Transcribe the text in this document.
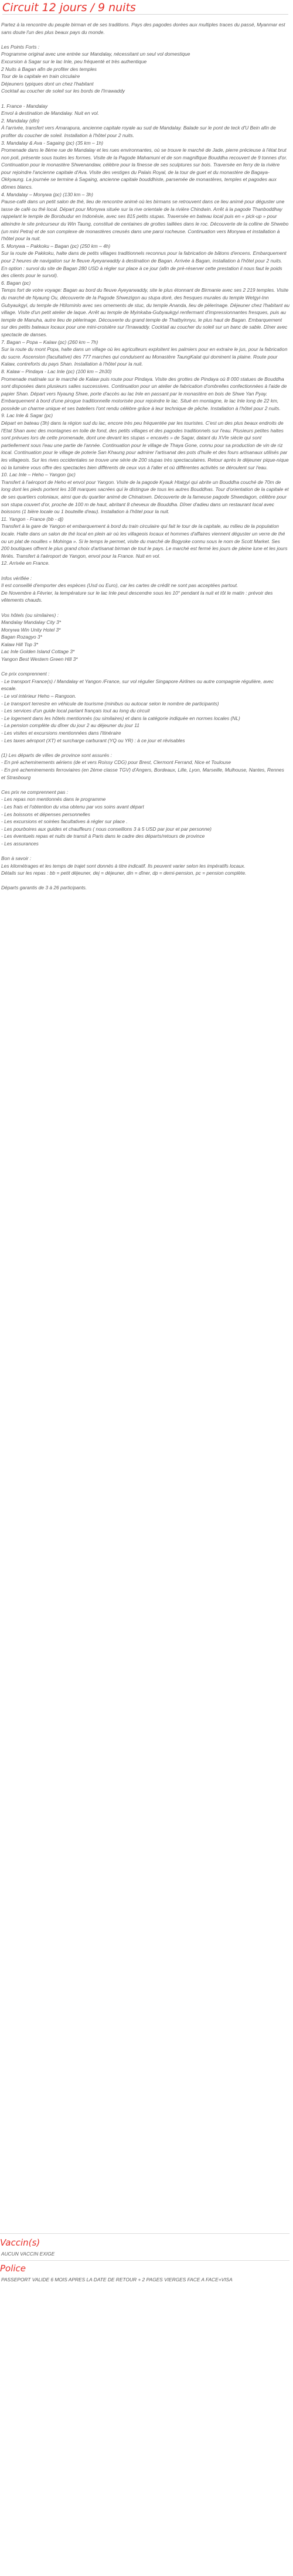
Circuit 12 jours / 9 nuits
Partez à la rencontre du peuple birman et de ses traditions. Pays des pagodes dorées aux multiples traces du passé, Myanmar est sans doute l'un des plus beaux pays du monde.
Les Points Forts :
Programme original avec une entrée sur Mandalay, nécessitant un seul vol domestique
Excursion à Sagar sur le lac Inle, peu fréquenté et très authentique
2 Nuits à Bagan afin de profiter des temples
Tour de la capitale en train circulaire
Déjeuners typiques dont un chez l'habitant
Cocktail au coucher de soleil sur les bords de l'Irrawaddy
1. France - Mandalay
Envol à destination de Mandalay. Nuit en vol.
2. Mandalay (dîn)
À l'arrivée, transfert vers Amarapura, ancienne capitale royale au sud de Mandalay. Balade sur le pont de teck d'U Bein afin de profiter du coucher de soleil. Installation à l'hôtel pour 2 nuits.
3. Mandalay & Ava - Sagaing (pc) (35 km – 1h)
Promenade dans le 8ème rue de Mandalay et les rues environnantes, où se trouve le marché de Jade, pierre précieuse à l'état brut non poli, présente sous toutes les formes. Visite de la Pagode Mahamuni et de son magnifique Bouddha recouvert de 9 tonnes d'or. Continuation pour le monastère Shwenandaw, célèbre pour la finesse de ses sculptures sur bois. Traversée en ferry de la rivière pour rejoindre l'ancienne capitale d'Ava. Visite des vestiges du Palais Royal, de la tour de guet et du monastère de Bagaya-Okkyaung. La journée se termine à Sagaing, ancienne capitale bouddhiste, parsemée de monastères, temples et pagodes aux dômes blancs.
4. Mandalay – Monywa (pc) (130 km – 3h)
Pause-café dans un petit salon de thé, lieu de rencontre animé où les birmans se retrouvent dans ce lieu animé pour déguster une tasse de café ou thé local. Départ pour Monywa située sur la rive orientale de la rivière Chindwin. Arrêt à la pagode Thanboddhay rappelant le temple de Borobudur en Indonésie, avec ses 815 petits stupas. Traversée en bateau local puis en « pick-up » pour atteindre le site précurseur du Win Taung, constitué de centaines de grottes taillées dans le roc. Découverte de la colline de Shwebo (un mini Petra) et de son complexe de monastères creusés dans une paroi rocheuse. Continuation vers Monywa et installation à l'hôtel pour la nuit.
5. Monywa – Pakkoku – Bagan (pc) (250 km – 4h)
Sur la route de Pakkoku, halte dans de petits villages traditionnels reconnus pour la fabrication de bâtons d'encens. Embarquement pour 2 heures de navigation sur le fleuve Ayeyarwaddy à destination de Bagan. Arrivée à Bagan, installation à l'hôtel pour 2 nuits. En option : survol du site de Bagan 280 USD à régler sur place à ce jour (afin de pré-réserver cette prestation il nous faut le poids des clients pour le survol).
6. Bagan (pc)
Temps fort de votre voyage: Bagan au bord du fleuve Ayeyarwaddy, site le plus étonnant de Birmanie avec ses 2 219 temples. Visite du marché de Nyaung Ou, découverte de la Pagode Shwezigon au stupa doré, des fresques murales du temple Wetgyi-Inn Gubyaukgyi, du temple de Htilominlo avec ses ornements de stuc, du temple Ananda, lieu de pèlerinage. Déjeuner chez l'habitant au village. Visite d'un petit atelier de laque. Arrêt au temple de Myinkaba-Gubyaukgyi renfermant d'impressionnantes fresques, puis au temple de Manuha, autre lieu de pèlerinage. Découverte du grand temple de Thatbyinnyu, le plus haut de Bagan. Embarquement sur des petits bateaux locaux pour une mini-croisière sur l'Irrawaddy. Cocktail au coucher du soleil sur un banc de sable. Dîner avec spectacle de danses.
7. Bagan – Popa – Kalaw (pc) (260 km – 7h)
Sur la route du mont Popa, halte dans un village où les agriculteurs exploitent les palmiers pour en extraire le jus, pour la fabrication du sucre. Ascension (facultative) des 777 marches qui conduisent au Monastère TaungKalat qui dominent la plaine. Route pour Kalaw, contreforts du pays Shan. Installation à l'hôtel pour la nuit.
8. Kalaw – Pindaya - Lac Inle (pc) (100 km – 2h30)
Promenade matinale sur le marché de Kalaw puis route pour Pindaya. Visite des grottes de Pindaya où 8 000 statues de Bouddha sont disposées dans plusieurs salles successives. Continuation pour un atelier de fabrication d'ombrelles confectionnées à l'aide de papier Shan. Départ vers Nyaung Shwe, porte d'accès au lac Inle en passant par le monastère en bois de Shwe Yan Pyay. Embarquement à bord d'une pirogue traditionnelle motorisée pour rejoindre le lac. Situé en montagne, le lac Inle long de 22 km, possède un charme unique et ses bateliers l'ont rendu célèbre grâce à leur technique de pêche. Installation à l'hôtel pour 2 nuits.
9. Lac Inle & Sagar (pc)
Départ en bateau (3h) dans la région sud du lac, encore très peu fréquentée par les touristes. C'est un des plus beaux endroits de l'Etat Shan avec des montagnes en toile de fond, des petits villages et des pagodes traditionnels sur l'eau. Plusieurs petites haltes sont prévues lors de cette promenade, dont une devant les stupas « encavés » de Sagar, datant du XVIe siècle qui sont partiellement sous l'eau une partie de l'année. Continuation pour le village de Thaya Gone, connu pour sa production de vin de riz local. Continuation pour le village de poterie San Khaung pour admirer l'artisanat des pots d'huile et des fours artisanaux utilisés par les villageois. Sur les rives occidentales se trouve une série de 200 stupas très spectaculaires. Retour après le déjeuner pique-nique où la lumière vous offre des spectacles bien différents de ceux vus à l'aller et où différentes activités se déroulent sur l'eau.
10. Lac Inle – Heho – Yangon (pc)
Transfert à l'aéroport de Heho et envol pour Yangon. Visite de la pagode Kyauk Htatgyi qui abrite un Bouddha couché de 70m de long dont les pieds portent les 108 marques sacrées qui le distingue de tous les autres Bouddhas. Tour d'orientation de la capitale et de ses quartiers coloniaux, ainsi que du quartier animé de Chinatown. Découverte de la fameuse pagode Shwedagon, célèbre pour son stupa couvert d'or, proche de 100 m de haut, abritant 8 cheveux de Bouddha. Dîner d'adieu dans un restaurant local avec boissons (1 bière locale ou 1 bouteille d'eau). Installation à l'hôtel pour la nuit.
11. Yangon - France (bb - dj)
Transfert à la gare de Yangon et embarquement à bord du train circulaire qui fait le tour de la capitale, au milieu de la population locale. Halte dans un salon de thé local en plein air où les villageois locaux et hommes d'affaires viennent déguster un verre de thé ou un plat de nouilles « Mohinga ». Si le temps le permet, visite du marché de Bogyoke connu sous le nom de Scott Market. Ses 200 boutiques offrent le plus grand choix d'artisanat birman de tout le pays. Le marché est fermé les jours de pleine lune et les jours fériés. Transfert à l'aéroport de Yangon, envol pour la France. Nuit en vol.
12. Arrivée en France.
Infos vérifiée :
Il est conseillé d'emporter des espèces (Usd ou Euro), car les cartes de crédit ne sont pas acceptées partout.
De Novembre à Février, la température sur le lac Inle peut descendre sous les 10° pendant la nuit et tôt le matin : prévoir des vêtements chauds.
Vos hôtels (ou similaires) :
Mandalay Mandalay City 3*
Monywa Win Unity Hotel 3*
Bagan Rozagyo 3*
Kalaw Hill Top 3*
Lac Inle Golden Island Cottage 3*
Yangon Best Western Green Hill 3*
Ce prix comprennent :
- Le transport France(s) / Mandalay et Yangon /France, sur vol régulier Singapore Airlines ou autre compagnie régulière, avec escale.
- Le vol intérieur Heho – Rangoon.
- Le transport terrestre en véhicule de tourisme (minibus ou autocar selon le nombre de participants)
- Les services d'un guide local parlant français tout au long du circuit
- Le logement dans les hôtels mentionnés (ou similaires) et dans la catégorie indiquée en normes locales (NL)
- La pension complète du dîner du jour 2 au déjeuner du jour 11
- Les visites et excursions mentionnées dans l'itinéraire
- Les taxes aéroport (XT) et surcharge carburant (YQ ou YR) : à ce jour et révisables
(1) Les départs de villes de province sont assurés :
- En pré acheminements aériens (de et vers Roissy CDG) pour Brest, Clermont Ferrand, Nice et Toulouse
- En pré acheminements ferroviaires (en 2ème classe TGV) d'Angers, Bordeaux, Lille, Lyon, Marseille, Mulhouse, Nantes, Rennes et Strasbourg
Ces prix ne comprennent pas :
- Les repas non mentionnés dans le programme
- Les frais et l'obtention du visa obtenu par vos soins avant départ
- Les boissons et dépenses personnelles
- Les excursions et soirées facultatives à régler sur place .
- Les pourboires aux guides et chauffeurs ( nous conseillons 3 à 5 USD par jour et par personne)
- Les éventuels repas et nuits de transit à Paris dans le cadre des départs/retours de province
- Les assurances
Bon à savoir :
Les kilométrages et les temps de trajet sont donnés à titre indicatif. Ils peuvent varier selon les impératifs locaux.
Détails sur les repas : bb = petit déjeuner, dej = déjeuner, din = dîner, dp = demi-pension, pc = pension complète.
Départs garantis de 3 à 26 participants.
Vaccin(s)
AUCUN VACCIN EXIGE
Police
PASSEPORT VALIDE 6 MOIS APRES LA DATE DE RETOUR + 2 PAGES VIERGES FACE A FACE+VISA
